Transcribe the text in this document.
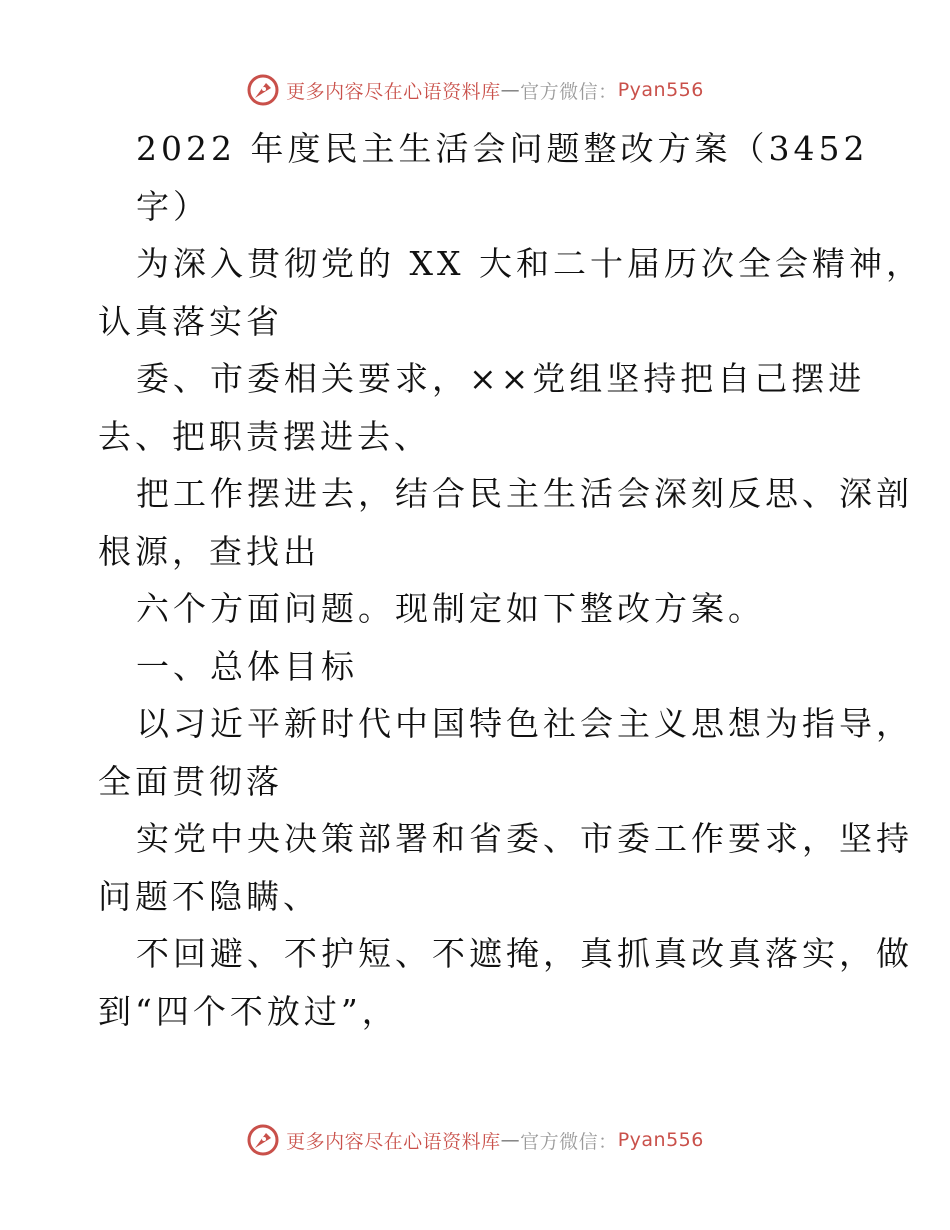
更多内容尽在心语资料库 — 官方微信： Pyan556
2022 年度民主生活会问题整改方案（3452
字）
为深入贯彻党的 XX 大和二十届历次全会精神，
认真落实省
委、市委相关要求，××党组坚持把自己摆进
去、把职责摆进去、
把工作摆进去，结合民主生活会深刻反思、深剖
根源，查找出
六个方面问题。现制定如下整改方案。
一、总体目标
以习近平新时代中国特色社会主义思想为指导，
全面贯彻落
实党中央决策部署和省委、市委工作要求，坚持
问题不隐瞒、
不回避、不护短、不遮掩，真抓真改真落实，做
到“四个不放过”，
更多内容尽在心语资料库 — 官方微信： Pyan556
